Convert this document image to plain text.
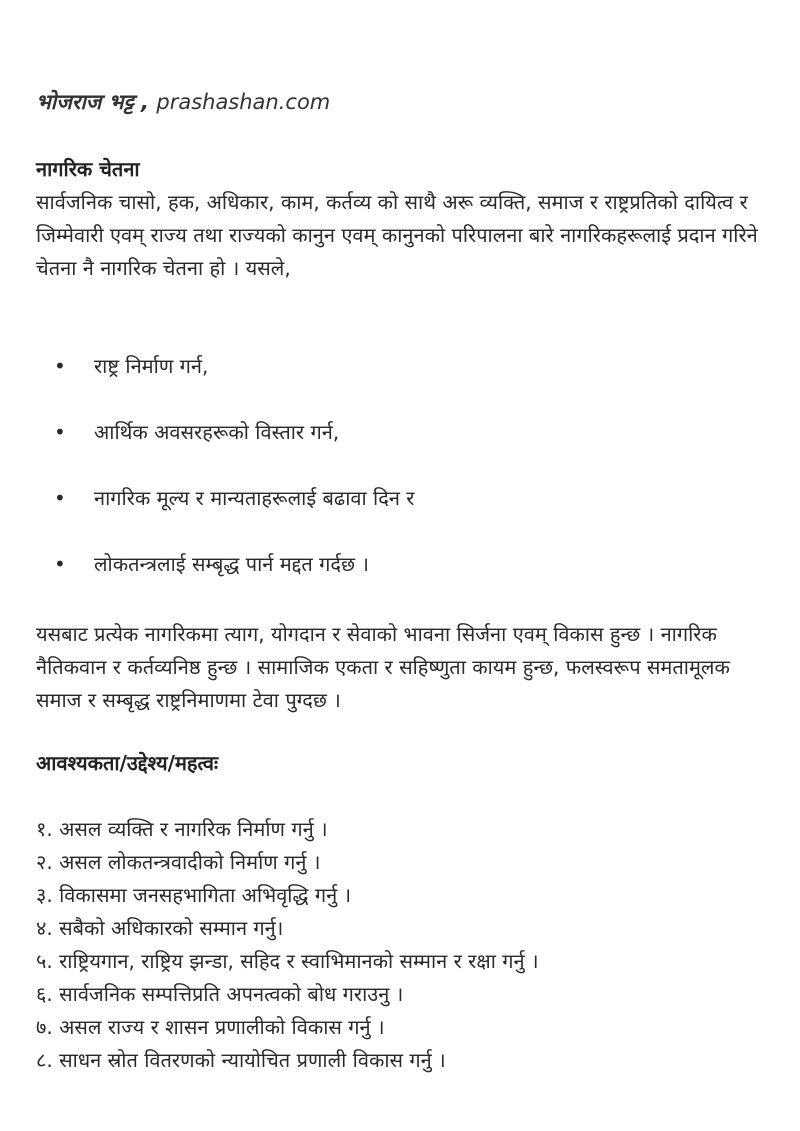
भोजराज भट्ट , prashashan.com
नागरिक चेतना

सार्वजनिक चासो, हक, अधिकार, काम, कर्तव्य को साथै अरू व्यक्ति, समाज र राष्ट्रप्रतिको दायित्व र जिम्मेवारी एवम् राज्य तथा राज्यको कानुन एवम् कानुनको परिपालना बारे नागरिकहरूलाई प्रदान गरिने चेतना नै नागरिक चेतना हो । यसले,

• राष्ट्र निर्माण गर्न,
• आर्थिक अवसरहरूको विस्तार गर्न,
• नागरिक मूल्य र मान्यताहरूलाई बढावा दिन र
• लोकतन्त्रलाई सम्बृद्ध पार्न मद्दत गर्दछ ।

यसबाट प्रत्येक नागरिकमा त्याग, योगदान र सेवाको भावना सिर्जना एवम् विकास हुन्छ । नागरिक नैतिकवान र कर्तव्यनिष्ठ हुन्छ । सामाजिक एकता र सहिष्णुता कायम हुन्छ, फलस्वरूप समतामूलक समाज र सम्बृद्ध राष्ट्रनिमाणमा टेवा पुग्दछ ।

आवश्यकता/उद्देश्य/महत्वः
१. असल व्यक्ति र नागरिक निर्माण गर्नु ।
२. असल लोकतन्त्रवादीको निर्माण गर्नु ।
३. विकासमा जनसहभागिता अभिवृद्धि गर्नु ।
४. सबैको अधिकारको सम्मान गर्नु।
५. राष्ट्रियगान, राष्ट्रिय झन्डा, सहिद र स्वाभिमानको सम्मान र रक्षा गर्नु ।
६. सार्वजनिक सम्पत्तिप्रति अपनत्वको बोध गराउनु ।
७. असल राज्य र शासन प्रणालीको विकास गर्नु ।
८. साधन स्रोत वितरणको न्यायोचित प्रणाली विकास गर्नु ।
